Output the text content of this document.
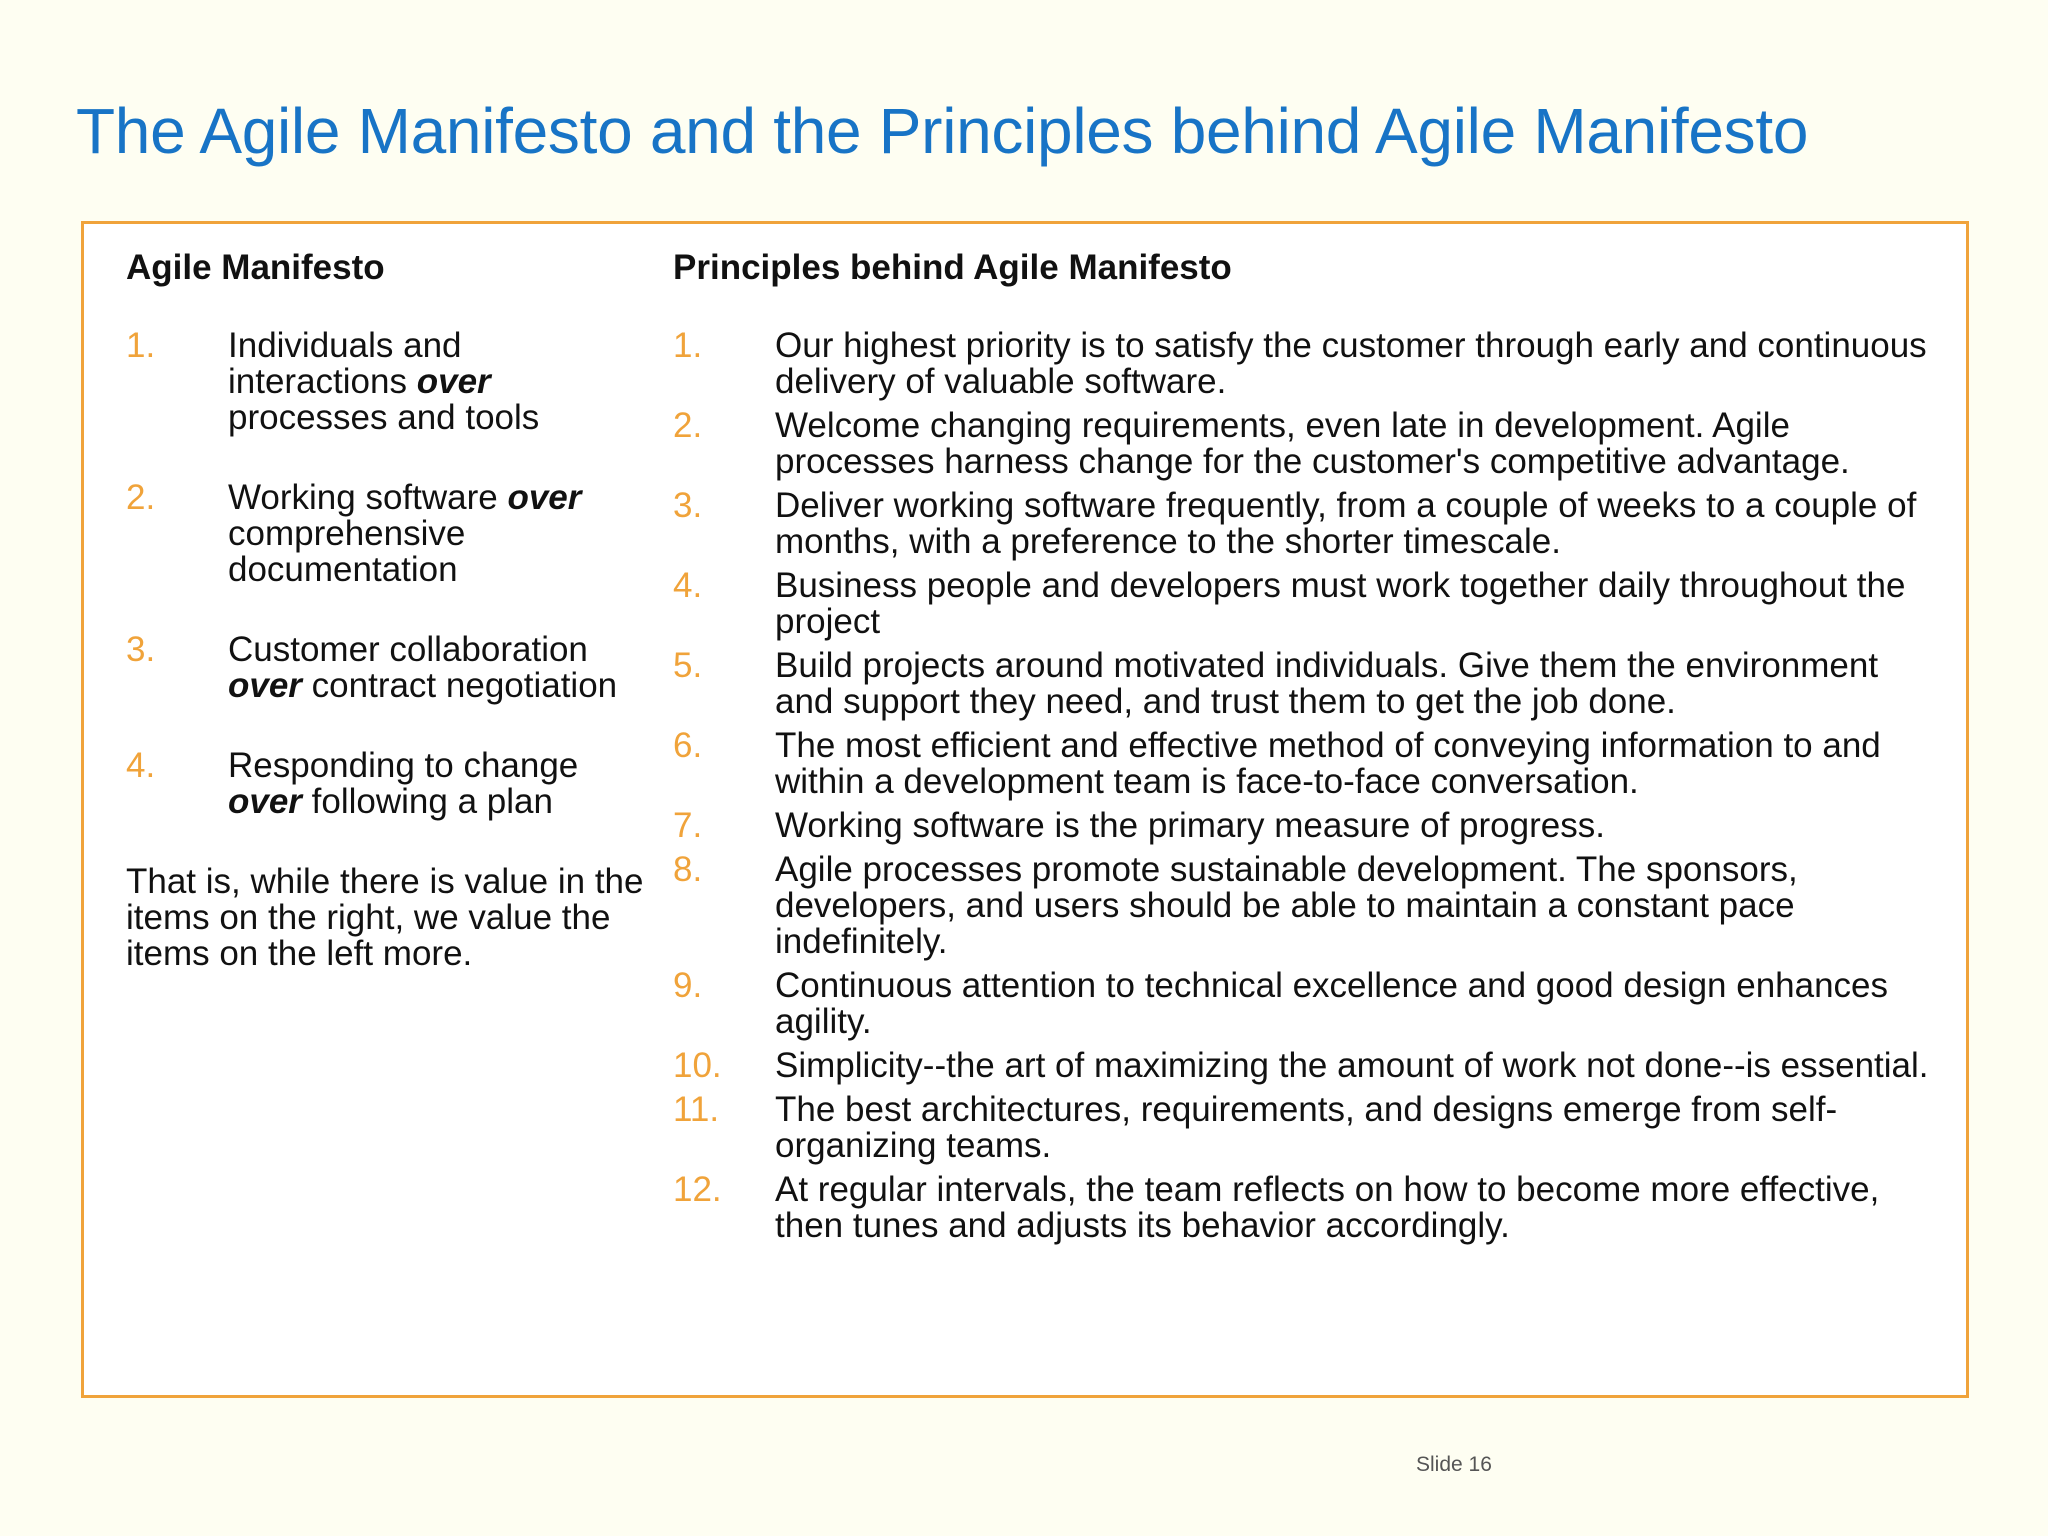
The Agile Manifesto and the Principles behind Agile Manifesto
Agile Manifesto
1. Individuals and interactions over processes and tools
2. Working software over comprehensive documentation
3. Customer collaboration over contract negotiation
4. Responding to change over following a plan

That is, while there is value in the items on the right, we value the items on the left more.

Principles behind Agile Manifesto
1. Our highest priority is to satisfy the customer through early and continuous delivery of valuable software.
2. Welcome changing requirements, even late in development. Agile processes harness change for the customer's competitive advantage.
3. Deliver working software frequently, from a couple of weeks to a couple of months, with a preference to the shorter timescale.
4. Business people and developers must work together daily throughout the project
5. Build projects around motivated individuals. Give them the environment and support they need, and trust them to get the job done.
6. The most efficient and effective method of conveying information to and within a development team is face-to-face conversation.
7. Working software is the primary measure of progress.
8. Agile processes promote sustainable development. The sponsors, developers, and users should be able to maintain a constant pace indefinitely.
9. Continuous attention to technical excellence and good design enhances agility.
10. Simplicity--the art of maximizing the amount of work not done--is essential.
11. The best architectures, requirements, and designs emerge from self-organizing teams.
12. At regular intervals, the team reflects on how to become more effective, then tunes and adjusts its behavior accordingly.
Slide 16
